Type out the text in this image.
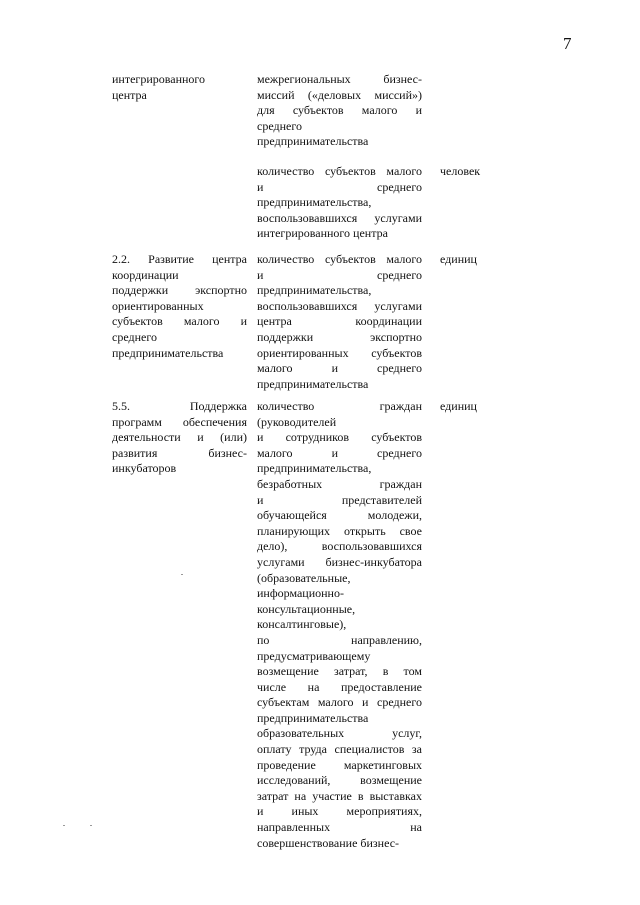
7
интегрированного
центра
межрегиональных бизнес-
миссий («деловых миссий»)
для субъектов малого и
среднего
предпринимательства
количество субъектов малого
и среднего
предпринимательства,
воспользовавшихся услугами
интегрированного центра
человек
2.2. Развитие центра
координации
поддержки экспортно
ориентированных
субъектов малого и
среднего
предпринимательства
количество субъектов малого
и среднего
предпринимательства,
воспользовавшихся услугами
центра координации
поддержки экспортно
ориентированных субъектов
малого и среднего
предпринимательства
единиц
5.5. Поддержка
программ обеспечения
деятельности и (или)
развития бизнес-
инкубаторов
количество граждан
(руководителей
и сотрудников субъектов
малого и среднего
предпринимательства,
безработных граждан
и представителей
обучающейся молодежи,
планирующих открыть свое
дело), воспользовавшихся
услугами бизнес-инкубатора
(образовательные,
информационно-
консультационные,
консалтинговые),
по направлению,
предусматривающему
возмещение затрат, в том
числе на предоставление
субъектам малого и среднего
предпринимательства
образовательных услуг,
оплату труда специалистов за
проведение маркетинговых
исследований, возмещение
затрат на участие в выставках
и иных мероприятиях,
направленных на
совершенствование бизнес-
единиц
